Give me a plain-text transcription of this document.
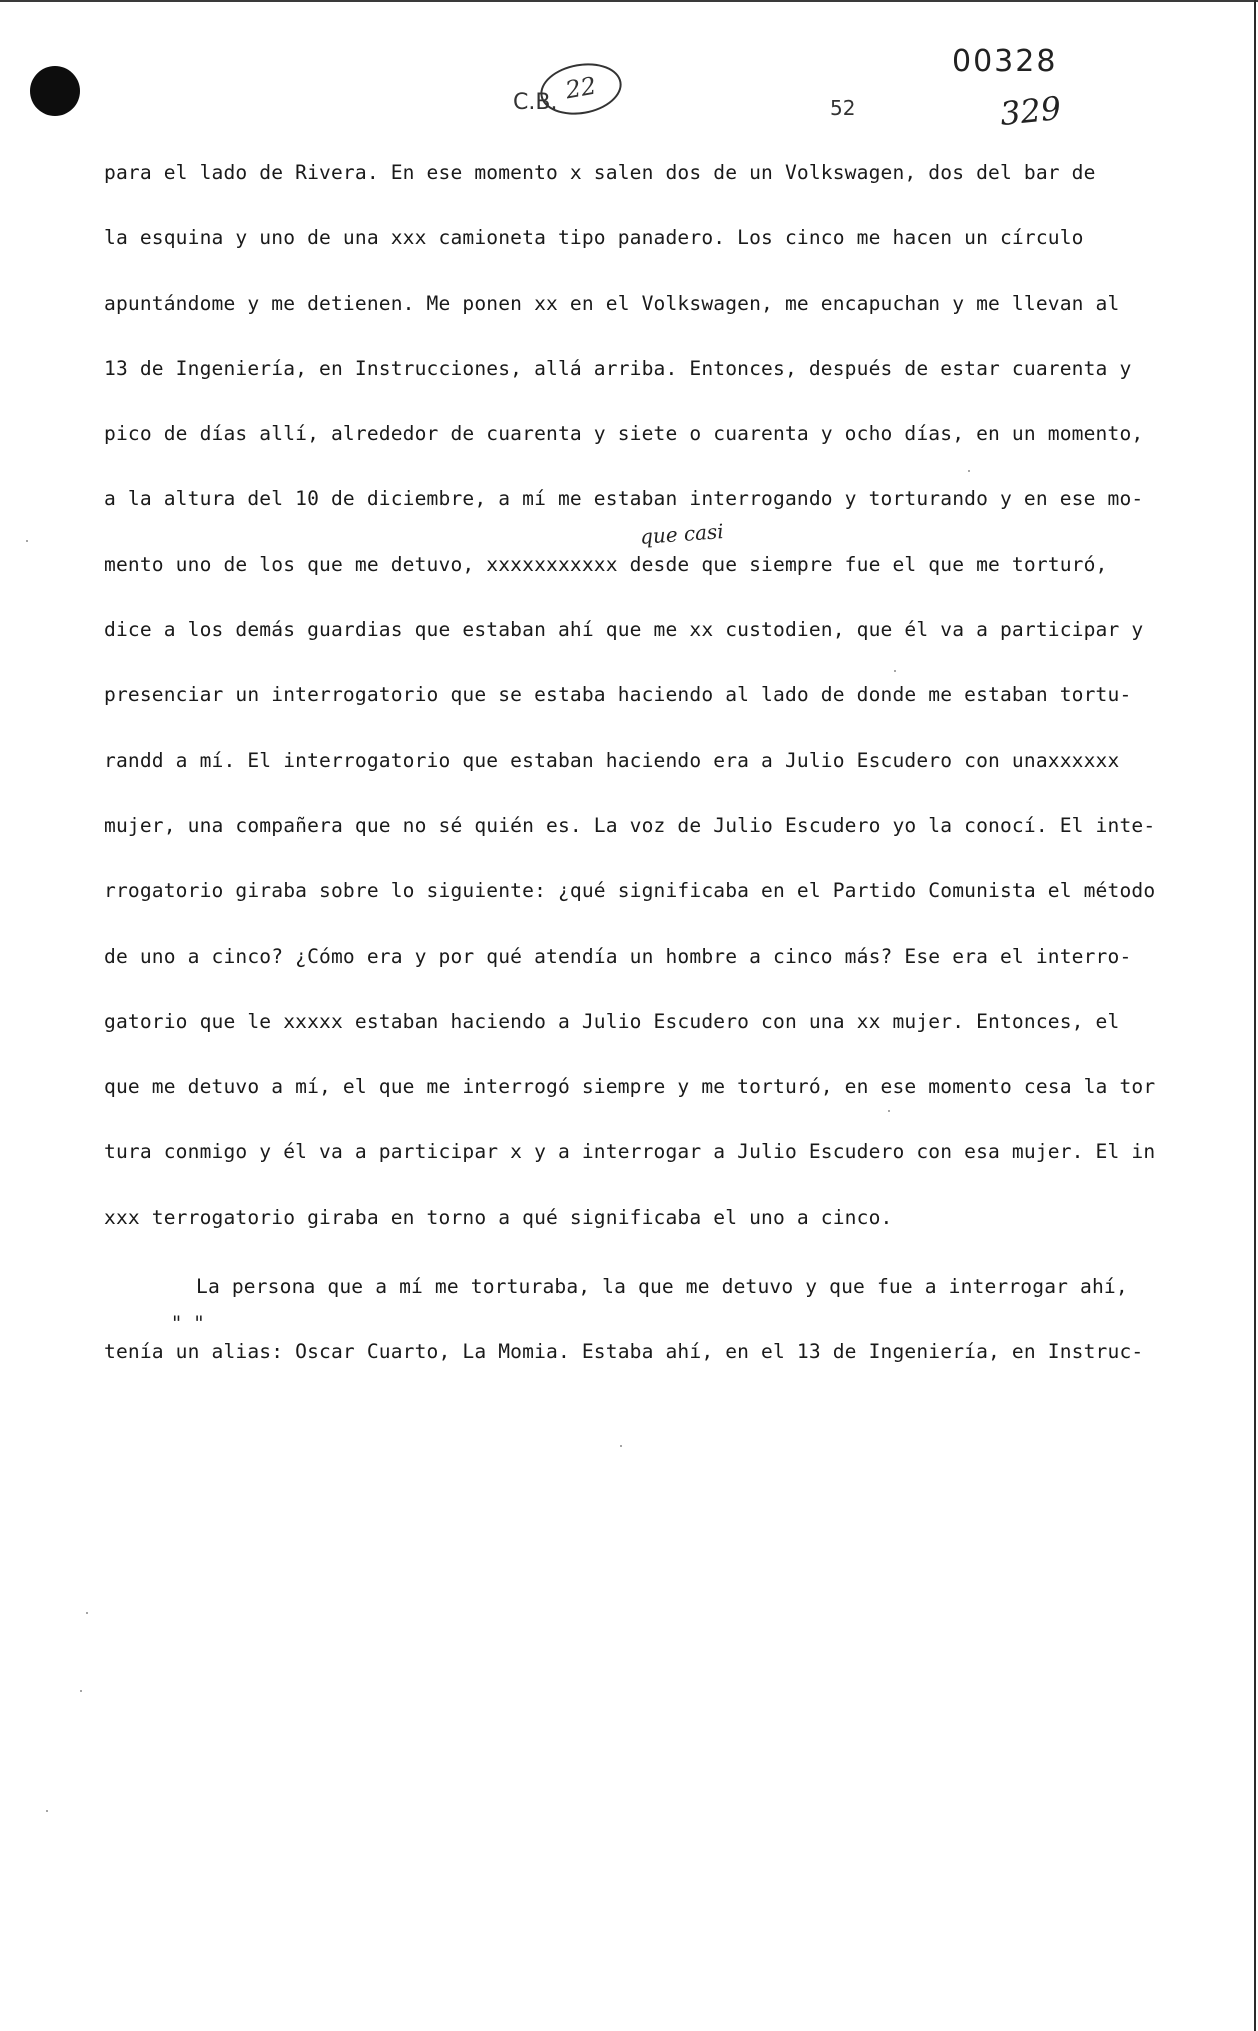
00328
329
22
C.B.	52
que casi
para el lado de Rivera. En ese momento x salen dos de un Volkswagen, dos del bar de
la esquina y uno de una xxx camioneta tipo panadero. Los cinco me hacen un círculo
apuntándome y me detienen. Me ponen xx en el Volkswagen, me encapuchan y me llevan al
13 de Ingeniería, en Instrucciones, allá arriba. Entonces, después de estar cuarenta y
pico de días allí, alrededor de cuarenta y siete o cuarenta y ocho días, en un momento,
a la altura del 10 de diciembre, a mí me estaban interrogando y torturando y en ese mo-
mento uno de los que me detuvo, xxxxxxxxxxx desde que siempre fue el que me torturó,
dice a los demás guardias que estaban ahí que me xx custodien, que él va a participar y
presenciar un interrogatorio que se estaba haciendo al lado de donde me estaban tortu-
randd a mí. El interrogatorio que estaban haciendo era a Julio Escudero con unaxxxxxx
mujer, una compañera que no sé quién es. La voz de Julio Escudero yo la conocí. El inte-
rrogatorio giraba sobre lo siguiente: ¿qué significaba en el Partido Comunista el método
de uno a cinco? ¿Cómo era y por qué atendía un hombre a cinco más? Ese era el interro-
gatorio que le xxxxx estaban haciendo a Julio Escudero con una xx mujer. Entonces, el
que me detuvo a mí, el que me interrogó siempre y me torturó, en ese momento cesa la tor
tura conmigo y él va a participar x y a interrogar a Julio Escudero con esa mujer. El in
xxx terrogatorio giraba en torno a qué significaba el uno a cinco.
La persona que a mí me torturaba, la que me detuvo y que fue a interrogar ahí,
"  "
tenía un alias: Oscar Cuarto, La Momia. Estaba ahí, en el 13 de Ingeniería, en Instruc-
